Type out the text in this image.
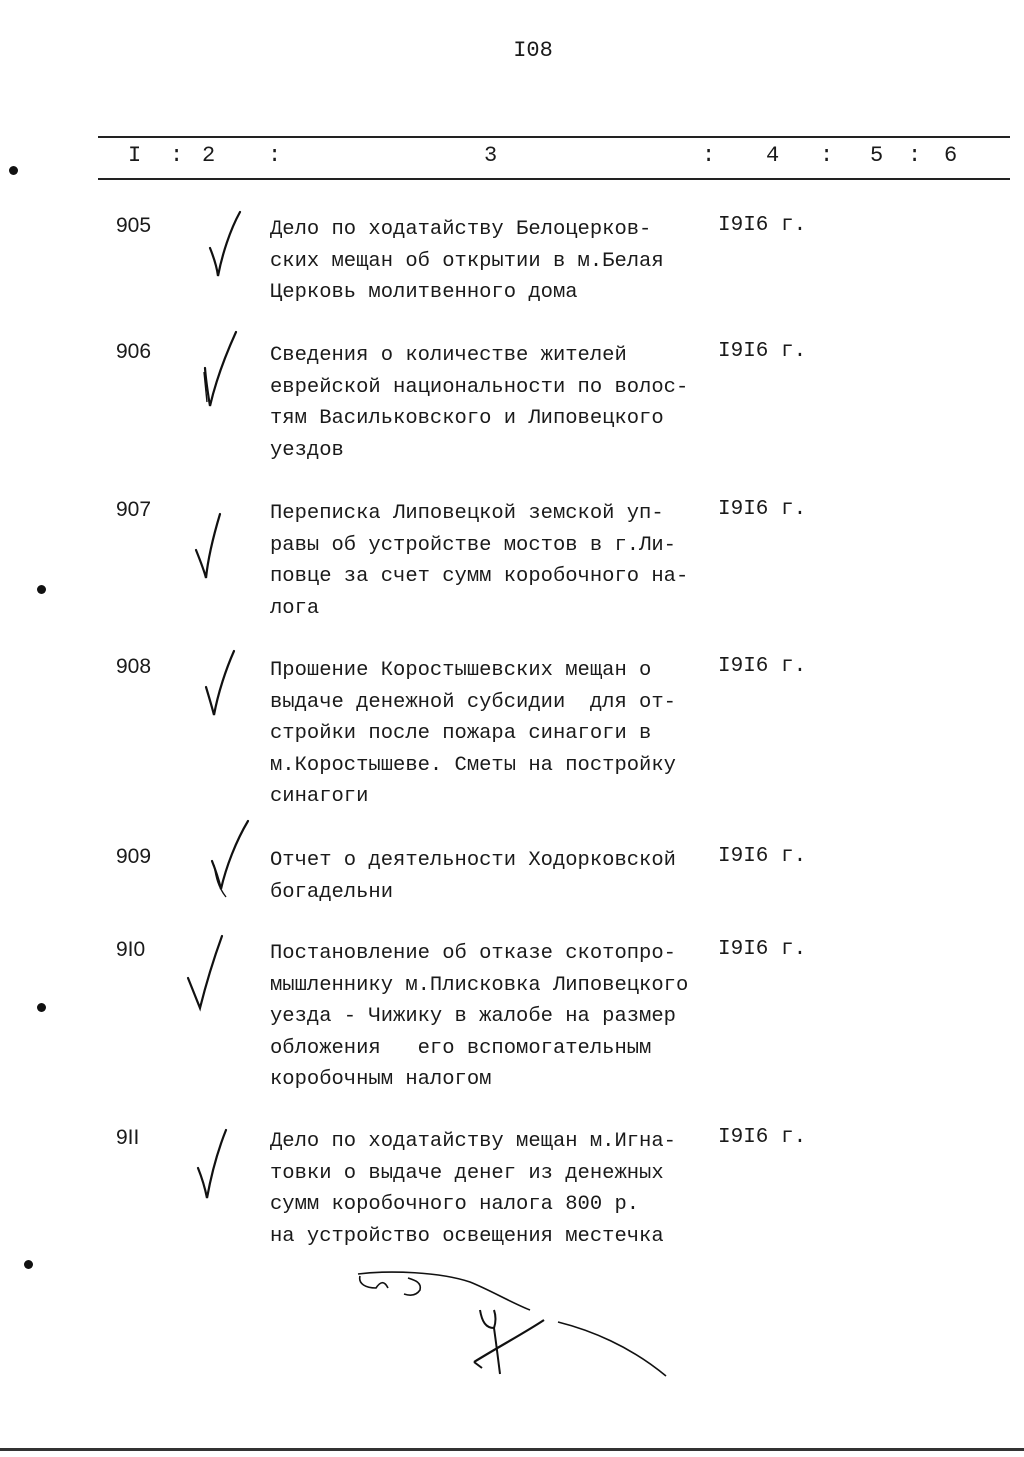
I08
I : 2 :	3	: 4 : 5 : 6
905	Дело по ходатайству Белоцерков-
ских мещан об открытии в м.Белая
Церковь молитвенного дома
I9I6 г.
906	Сведения о количестве жителей
еврейской национальности по волос-
тям Васильковского и Липовецкого
уездов
I9I6 г.
907	Переписка Липовецкой земской уп-
равы об устройстве мостов в г.Ли-
повце за счет сумм коробочного на-
лога
I9I6 г.
908	Прошение Коростышевских мещан о
выдаче денежной субсидии  для от-
стройки после пожара синагоги в
м.Коростышеве. Сметы на постройку
синагоги
I9I6 г.
909	Отчет о деятельности Ходорковской
богадельни
I9I6 г.
9I0	Постановление об отказе скотопро-
мышленнику м.Плисковка Липовецкого
уезда - Чижику в жалобе на размер
обложения   его вспомогательным
коробочным налогом
I9I6 г.
9II	Дело по ходатайству мещан м.Игна-
товки о выдаче денег из денежных
сумм коробочного налога 800 р.
на устройство освещения местечка
I9I6 г.
